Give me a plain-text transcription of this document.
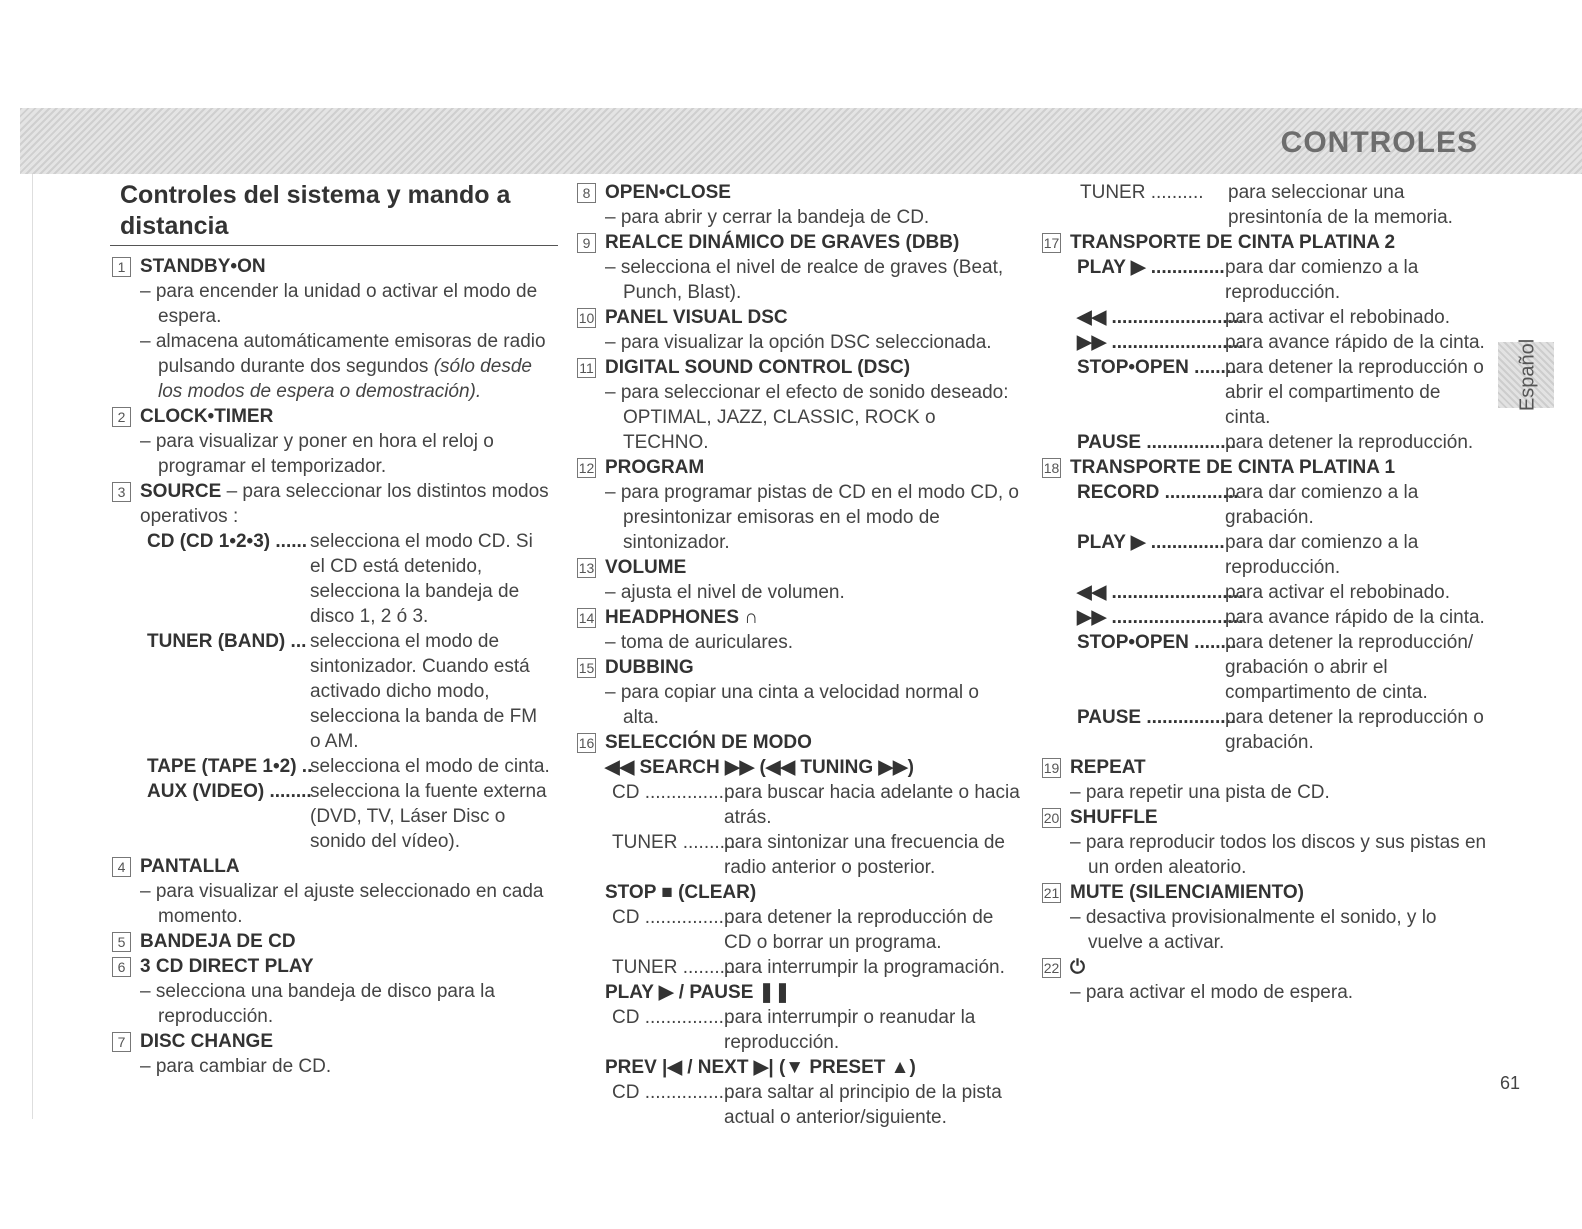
CONTROLES
Español
61
Controles del sistema y mando a distancia
1 STANDBY•ON
– para encender la unidad o activar el modo de espera.
– almacena automáticamente emisoras de radio pulsando durante dos segundos (sólo desde los modos de espera o demostración).
2 CLOCK•TIMER
– para visualizar y poner en hora el reloj o programar el temporizador.
3 SOURCE – para seleccionar los distintos modos operativos :
CD (CD 1•2•3) ...... selecciona el modo CD. Si el CD está detenido, selecciona la bandeja de disco 1, 2 ó 3.
TUNER (BAND) ... selecciona el modo de sintonizador. Cuando está activado dicho modo, selecciona la banda de FM o AM.
TAPE (TAPE 1•2) ..
selecciona el modo de cinta.
AUX (VIDEO) ........
selecciona la fuente externa (DVD, TV, Láser Disc o sonido del vídeo).
4 PANTALLA
– para visualizar el ajuste seleccionado en cada momento.
5 BANDEJA DE CD
6 3 CD DIRECT PLAY
– selecciona una bandeja de disco para la reproducción.
7 DISC CHANGE
– para cambiar de CD.
8 OPEN•CLOSE
– para abrir y cerrar la bandeja de CD.
9 REALCE DINÁMICO DE GRAVES (DBB)
– selecciona el nivel de realce de graves (Beat, Punch, Blast).
10 PANEL VISUAL DSC
– para visualizar la opción DSC seleccionada.
11 DIGITAL SOUND CONTROL (DSC)
– para seleccionar el efecto de sonido deseado: OPTIMAL, JAZZ, CLASSIC, ROCK o TECHNO.
12 PROGRAM
– para programar pistas de CD en el modo CD, o presintonizar emisoras en el modo de sintonizador.
13 VOLUME
– ajusta el nivel de volumen.
14 HEADPHONES ∩
– toma de auriculares.
15 DUBBING
– para copiar una cinta a velocidad normal o alta.
16 SELECCIÓN DE MODO
◀◀ SEARCH ▶▶ (◀◀ TUNING ▶▶)
CD .................
para buscar hacia adelante o hacia atrás.
TUNER ..........
para sintonizar una frecuencia de radio anterior o posterior.
STOP ■ (CLEAR)
CD .................
para detener la reproducción de CD o borrar un programa.
TUNER ..........
para interrumpir la programación.
PLAY ▶ / PAUSE ❚❚
CD .................
para interrumpir o reanudar la reproducción.
PREV |◀ / NEXT ▶| (▼ PRESET ▲)
CD .................
para saltar al principio de la pista actual o anterior/siguiente.
TUNER ..........	para seleccionar una presintonía de la memoria.
17 TRANSPORTE DE CINTA PLATINA 2
PLAY ▶ .............. para dar comienzo a la reproducción.
◀◀ .........................
para activar el rebobinado.
▶▶ .........................
para avance rápido de la cinta.
STOP•OPEN ........
para detener la reproducción o abrir el compartimento de cinta.
PAUSE .................
para detener la reproducción.
18 TRANSPORTE DE CINTA PLATINA 1
RECORD ..............
para dar comienzo a la grabación.
PLAY ▶ .............. para dar comienzo a la reproducción.
◀◀ .........................
para activar el rebobinado.
▶▶ .........................
para avance rápido de la cinta.
STOP•OPEN ........
para detener la reproducción/ grabación o abrir el compartimento de cinta.
PAUSE .................
para detener la reproducción o grabación.
19 REPEAT
– para repetir una pista de CD.
20 SHUFFLE
– para reproducir todos los discos y sus pistas en un orden aleatorio.
21 MUTE (SILENCIAMIENTO)
– desactiva provisionalmente el sonido, y lo vuelve a activar.
22 ⏻
– para activar el modo de espera.
